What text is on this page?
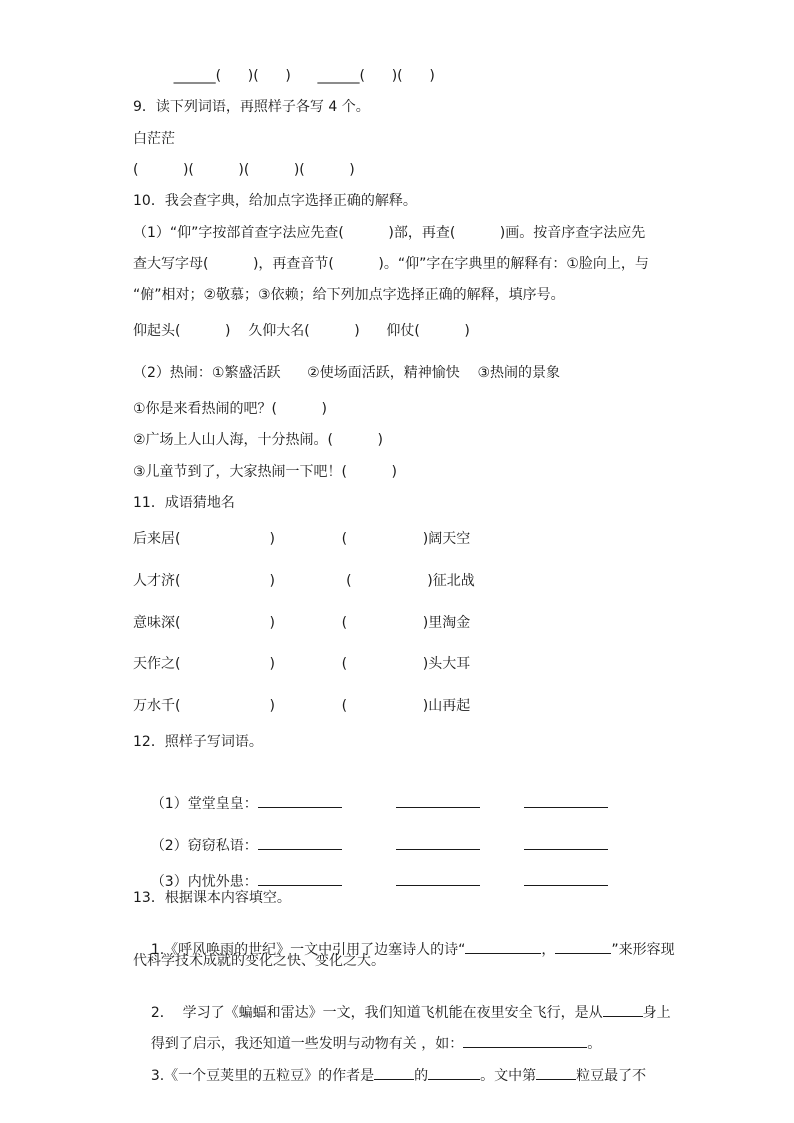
______(      )(      )      ______(      )(      )
9．读下列词语，再照样子各写 4 个。
白茫茫
(          )(          )(          )(          )
10．我会查字典，给加点字选择正确的解释。
（1）“仰”字按部首查字法应先查(          )部，再查(          )画。按音序查字法应先
查大写字母(          )，再查音节(          )。“仰”字在字典里的解释有：①脸向上，与
“俯”相对；②敬慕；③依赖；给下列加点字选择正确的解释，填序号。
仰起头(          )    久仰大名(          )      仰仗(          )
（2）热闹：①繁盛活跃      ②使场面活跃，精神愉快    ③热闹的景象
①你是来看热闹的吧？(          )
②广场上人山人海，十分热闹。(          )
③儿童节到了，大家热闹一下吧！(          )
11．成语猜地名
后来居(                    )               (                 )阔天空
人才济(                    )                (                 )征北战
意味深(                    )               (                 )里淘金
天作之(                    )               (                 )头大耳
万水千(                    )               (                 )山再起
12．照样子写词语。

（1）堂堂皇皇：

（2）窃窃私语：

（3）内忧外患：

13．根据课本内容填空。

1.《呼风唤雨的世纪》一文中引用了边塞诗人的诗“	，	”来形容现

代科学技术成就的变化之快、变化之大。

2．  学习了《蝙蝠和雷达》一文，我们知道飞机能在夜里安全飞行，是从	身上

得到了启示，我还知道一些发明与动物有关 ，如：	。

3.《一个豆荚里的五粒豆》的作者是	的	。文中第	粒豆最了不
